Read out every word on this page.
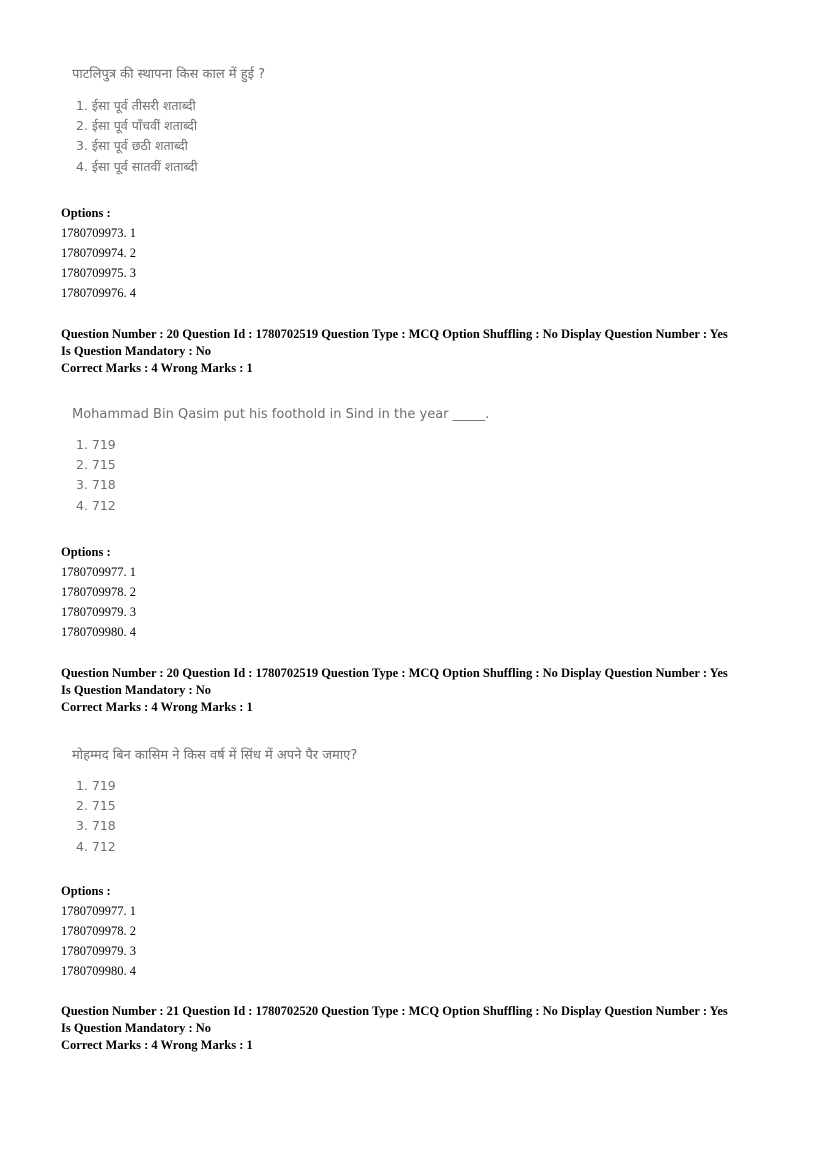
पाटलिपुत्र की स्थापना किस काल में हुई ?
1. ईसा पूर्व तीसरी शताब्दी
2. ईसा पूर्व पाँचवीं शताब्दी
3. ईसा पूर्व छठी शताब्दी
4. ईसा पूर्व सातवीं शताब्दी
Options :
1780709973. 1
1780709974. 2
1780709975. 3
1780709976. 4
Question Number : 20 Question Id : 1780702519 Question Type : MCQ Option Shuffling : No Display Question Number : Yes
Is Question Mandatory : No
Correct Marks : 4 Wrong Marks : 1
Mohammad Bin Qasim put his foothold in Sind in the year _____.
1. 719
2. 715
3. 718
4. 712
Options :
1780709977. 1
1780709978. 2
1780709979. 3
1780709980. 4
Question Number : 20 Question Id : 1780702519 Question Type : MCQ Option Shuffling : No Display Question Number : Yes
Is Question Mandatory : No
Correct Marks : 4 Wrong Marks : 1
मोहम्मद बिन कासिम ने किस वर्ष में सिंध में अपने पैर जमाए?
1. 719
2. 715
3. 718
4. 712
Options :
1780709977. 1
1780709978. 2
1780709979. 3
1780709980. 4
Question Number : 21 Question Id : 1780702520 Question Type : MCQ Option Shuffling : No Display Question Number : Yes
Is Question Mandatory : No
Correct Marks : 4 Wrong Marks : 1
